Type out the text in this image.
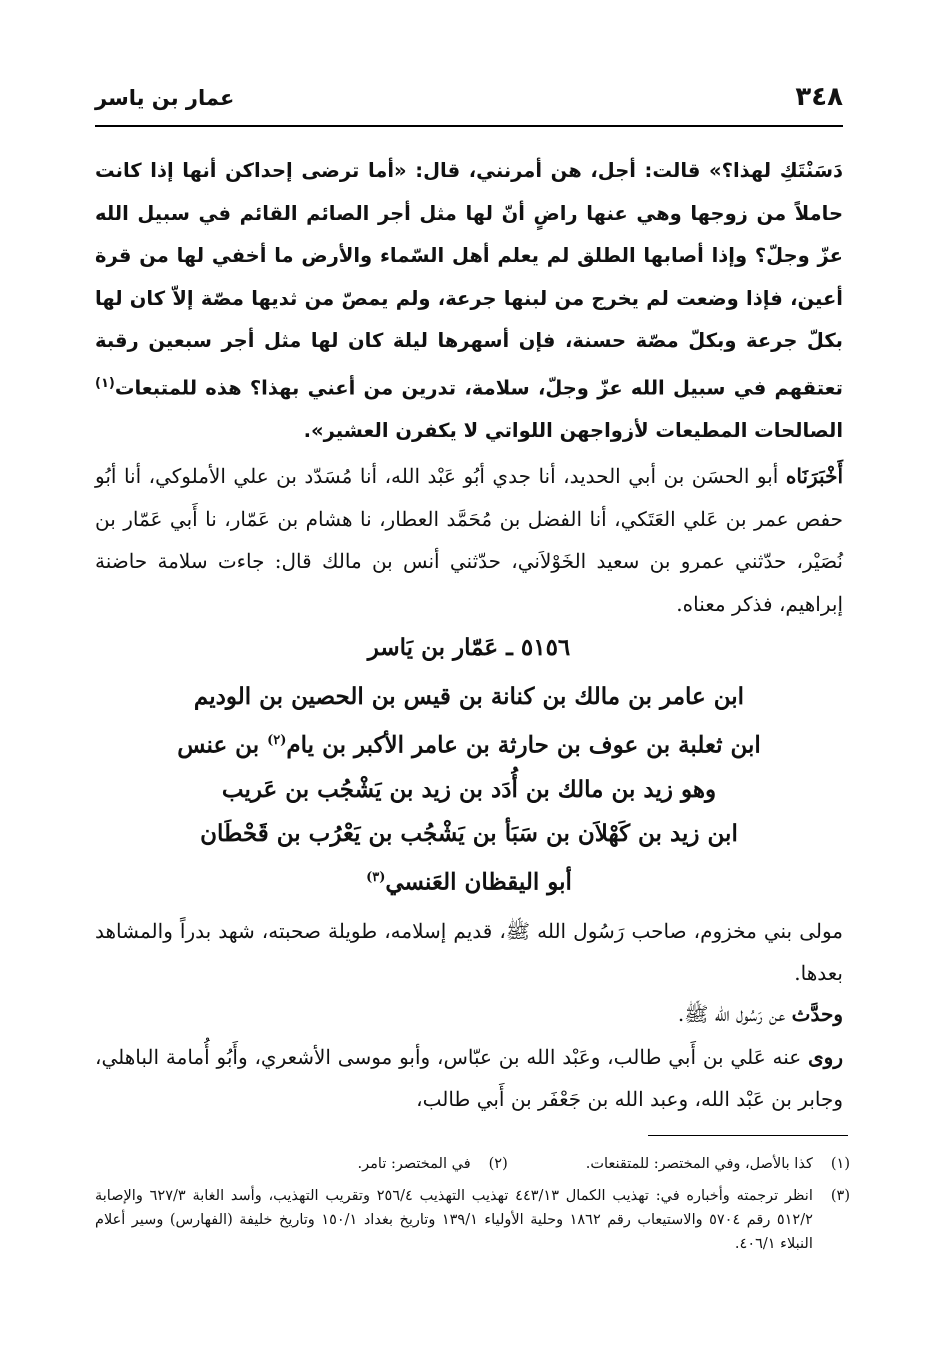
٣٤٨
عمار بن ياسر
دَسَنْتَكِ لهذا؟» قالت: أجل، هن أمرنني، قال: «أما ترضى إحداكن أنها إذا كانت حاملاً من زوجها وهي عنها راضٍ أنّ لها مثل أجر الصائم القائم في سبيل الله عزّ وجلّ؟ وإذا أصابها الطلق لم يعلم أهل السّماء والأرض ما أخفي لها من قرة أعين، فإذا وضعت لم يخرج من لبنها جرعة، ولم يمصّ من ثديها مصّة إلاّ كان لها بكلّ جرعة وبكلّ مصّة حسنة، فإن أسهرها ليلة كان لها مثل أجر سبعين رقبة تعتقهم في سبيل الله عزّ وجلّ، سلامة، تدرين من أعني بهذا؟ هذه للمتبعات$^{(١)}$ الصالحات المطيعات لأزواجهن اللواتي لا يكفرن العشير».
أَخْبَرَنَاه أبو الحسَن بن أبي الحديد، أنا جدي أبُو عَبْد الله، أنا مُسَدّد بن علي الأملوكي، أنا أبُو حفص عمر بن عَلي العَتَكي، أنا الفضل بن مُحَمَّد العطار، نا هشام بن عَمّار، نا أَبي عَمّار بن نُصَيْر، حدّثني عمرو بن سعيد الخَوْلاَني، حدّثني أنس بن مالك قال: جاءت سلامة حاضنة إبراهيم، فذكر معناه.
٥١٥٦ ـ عَمّار بن يَاسر
ابن عامر بن مالك بن كنانة بن قيس بن الحصين بن الوديم
ابن ثعلبة بن عوف بن حارثة بن عامر الأكبر بن يام$^{(٢)}$ بن عنس
وهو زيد بن مالك بن أُدَد بن زيد بن يَشْجُب بن عَريب
ابن زيد بن كَهْلاَن بن سَبَأ بن يَشْجُب بن يَعْرُب بن قَحْطَان
أبو اليقظان العَنسي$^{(٣)}$
مولى بني مخزوم، صاحب رَسُول الله ﷺ، قديم إسلامه، طويلة صحبته، شهد بدراً والمشاهد بعدها.
وحدَّث عن رَسُول الله ﷺ.
روى عنه عَلي بن أَبي طالب، وعَبْد الله بن عبّاس، وأبو موسى الأشعري، وأَبُو أُمامة الباهلي، وجابر بن عَبْد الله، وعبد الله بن جَعْفَر بن أَبي طالب،
(١)
كذا بالأصل، وفي المختصر: للمتقنعات.
(٢)
في المختصر: تامر.
(٣)
انظر ترجمته وأخباره في: تهذيب الكمال ٤٤٣/١٣ تهذيب التهذيب ٢٥٦/٤ وتقريب التهذيب، وأسد الغابة ٦٢٧/٣ والإصابة ٥١٢/٢ رقم ٥٧٠٤ والاستيعاب رقم ١٨٦٢ وحلية الأولياء ١٣٩/١ وتاريخ بغداد ١٥٠/١ وتاريخ خليفة (الفهارس) وسير أعلام النبلاء ٤٠٦/١.
